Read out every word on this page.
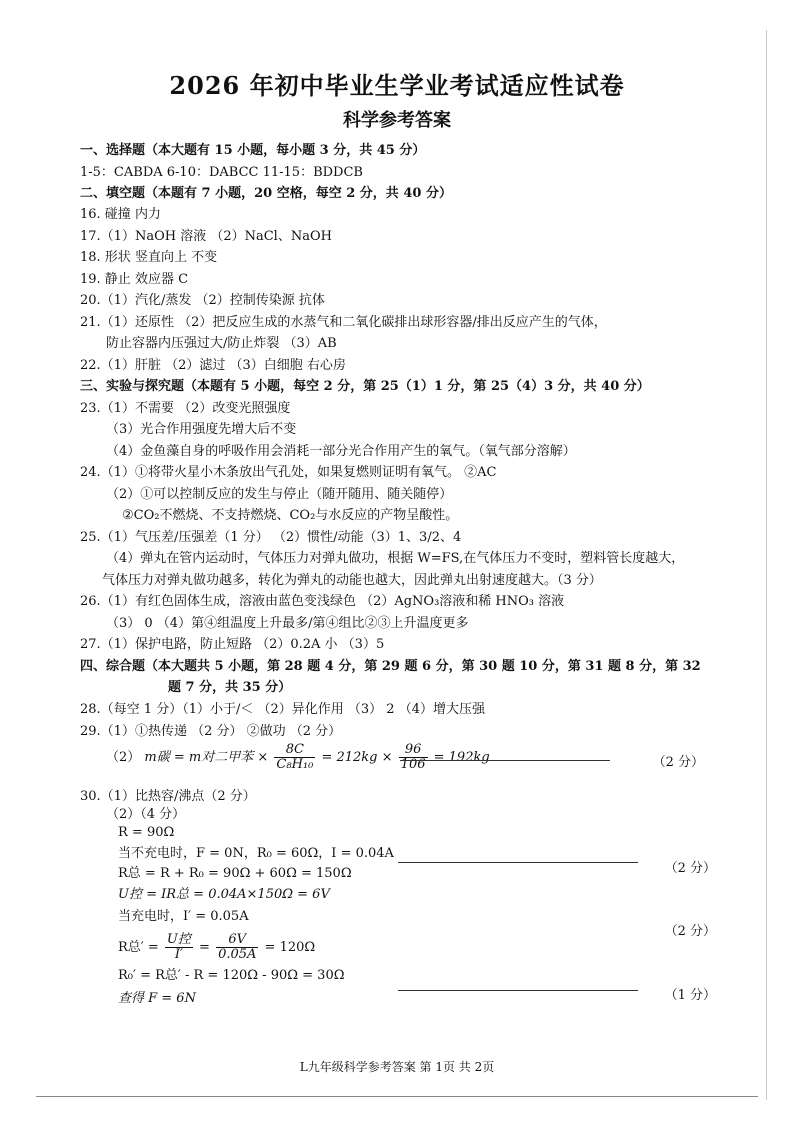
2026 年初中毕业生学业考试适应性试卷
科学参考答案
一、选择题（本大题有 15 小题，每小题 3 分，共 45 分）
1-5：CABDA 6-10：DABCC 11-15：BDDCB
二、填空题（本题有 7 小题，20 空格，每空 2 分，共 40 分）
16. 碰撞 内力
17.（1）NaOH 溶液 （2）NaCl、NaOH
18. 形状 竖直向上 不变
19. 静止 效应器 C
20.（1）汽化/蒸发 （2）控制传染源 抗体
21.（1）还原性 （2）把反应生成的水蒸气和二氧化碳排出球形容器/排出反应产生的气体，
防止容器内压强过大/防止炸裂 （3）AB
22.（1）肝脏 （2）滤过 （3）白细胞 右心房
三、实验与探究题（本题有 5 小题，每空 2 分，第 25（1）1 分，第 25（4）3 分，共 40 分）
23.（1）不需要 （2）改变光照强度
（3）光合作用强度先增大后不变
（4）金鱼藻自身的呼吸作用会消耗一部分光合作用产生的氧气。（氧气部分溶解）
24.（1）①将带火星小木条放出气孔处，如果复燃则证明有氧气。 ②AC
（2）①可以控制反应的发生与停止（随开随用、随关随停）
②CO₂不燃烧、不支持燃烧、CO₂与水反应的产物呈酸性。
25.（1）气压差/压强差（1 分） （2）惯性/动能（3）1、3/2、4
（4）弹丸在管内运动时，气体压力对弹丸做功，根据 W=FS,在气体压力不变时，塑料管长度越大，
气体压力对弹丸做功越多，转化为弹丸的动能也越大，因此弹丸出射速度越大。（3 分）
26.（1）有红色固体生成，溶液由蓝色变浅绿色 （2）AgNO₃溶液和稀 HNO₃ 溶液
（3） 0 （4）第④组温度上升最多/第④组比②③上升温度更多
27.（1）保护电路，防止短路 （2）0.2A 小 （3）5
四、综合题（本大题共 5 小题，第 28 题 4 分，第 29 题 6 分，第 30 题 10 分，第 31 题 8 分，第 32
题 7 分，共 35 分）
28.（每空 1 分）（1）小于/＜ （2）异化作用 （3） 2 （4）增大压强
29.（1）①热传递 （2 分） ②做功 （2 分）
（2） m碳 = m对二甲苯 × $\frac{8C}{\text{C₈H₁₀}} = 212kg \times \frac{96}{106} = 192kg$	（2 分）
30.（1）比热容/沸点（2 分）
（2）（4 分）
R = 90Ω
当不充电时，F = 0N，R₀ = 60Ω，I = 0.04A
（2 分）
R总 = R + R₀ = 90Ω + 60Ω = 150Ω
U控 = IR总 = 0.04A×150Ω = 6V
当充电时，I′ = 0.05A
（2 分）
R总′ = $\frac{\text{U控}}{I'} = \frac{6V}{0.05A} = 120\Omega$
R₀′ = R总′ - R = 120Ω - 90Ω = 30Ω
（1 分）
查得 F = 6N
L九年级科学参考答案 第 1页 共 2页
